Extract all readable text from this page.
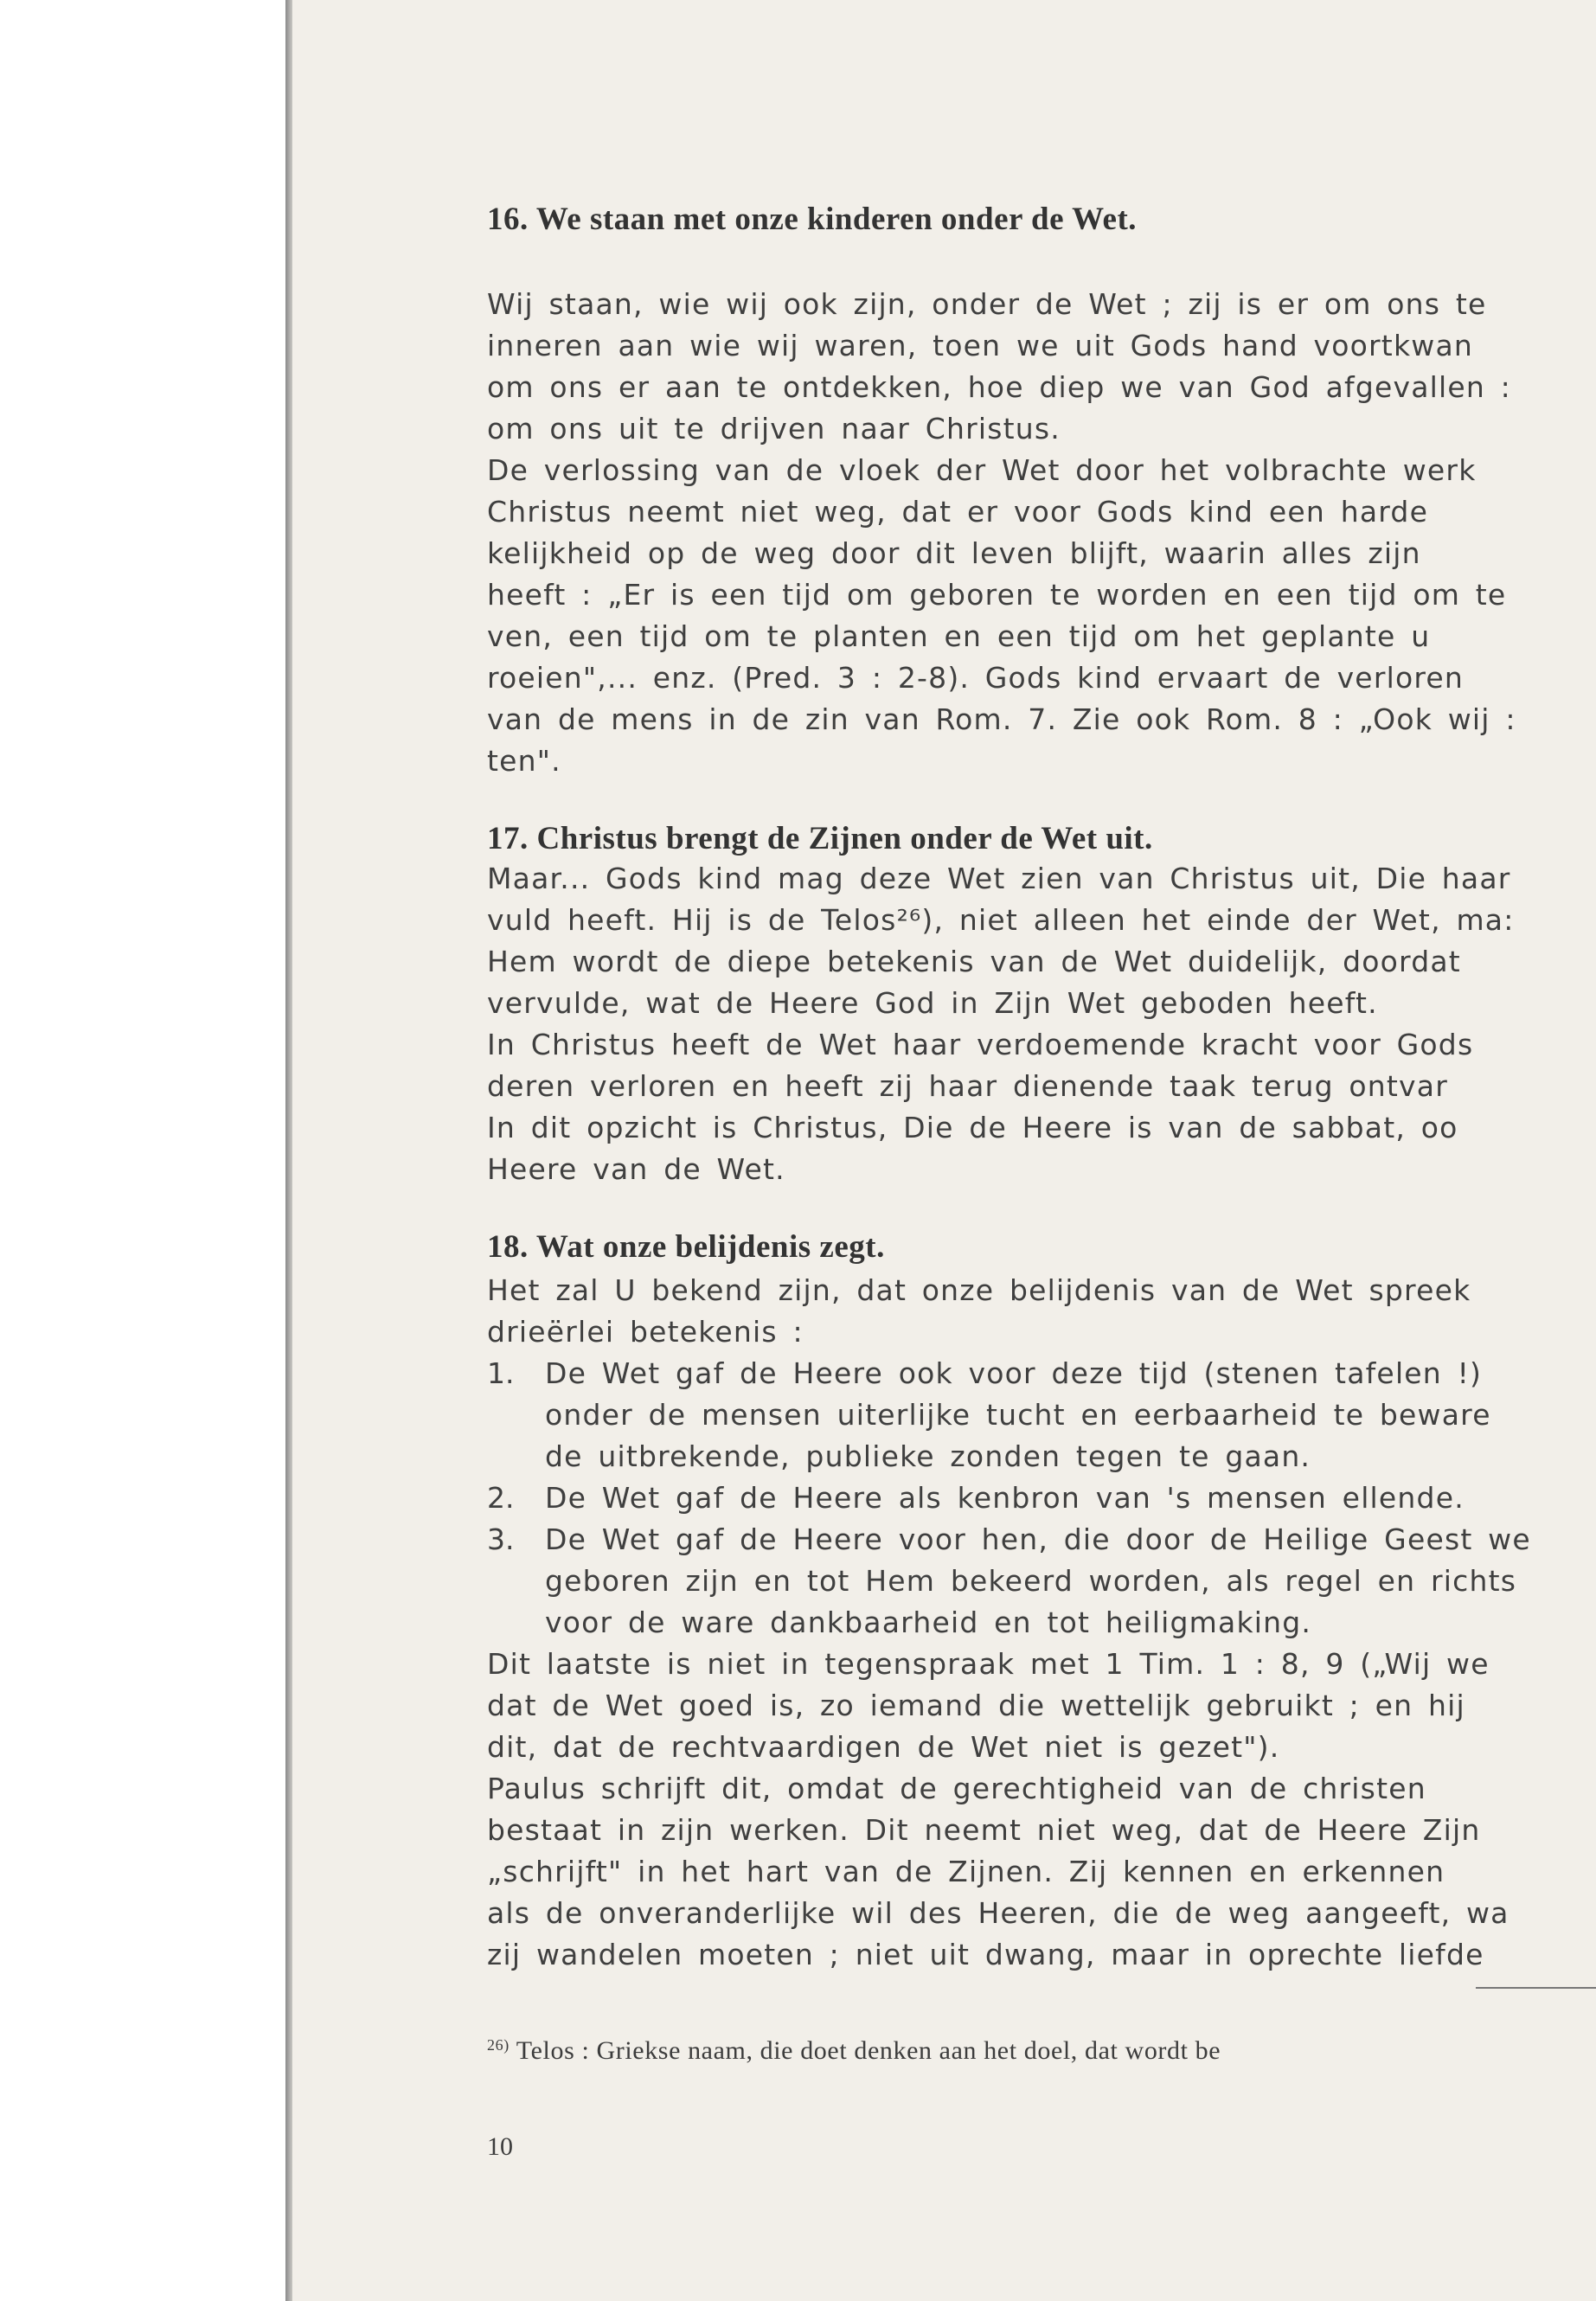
16. We staan met onze kinderen onder de Wet.
Wij staan, wie wij ook zijn, onder de Wet ; zij is er om ons te
inneren aan wie wij waren, toen we uit Gods hand voortkwan
om ons er aan te ontdekken, hoe diep we van God afgevallen :
om ons uit te drijven naar Christus.
De verlossing van de vloek der Wet door het volbrachte werk
Christus neemt niet weg, dat er voor Gods kind een harde
kelijkheid op de weg door dit leven blijft, waarin alles zijn
heeft : „Er is een tijd om geboren te worden en een tijd om te
ven, een tijd om te planten en een tijd om het geplante u
roeien",... enz. (Pred. 3 : 2-8). Gods kind ervaart de verloren
van de mens in de zin van Rom. 7. Zie ook Rom. 8 : „Ook wij :
ten".
17. Christus brengt de Zijnen onder de Wet uit.
Maar... Gods kind mag deze Wet zien van Christus uit, Die haar
vuld heeft. Hij is de Telos²⁶), niet alleen het einde der Wet, ma:
Hem wordt de diepe betekenis van de Wet duidelijk, doordat
vervulde, wat de Heere God in Zijn Wet geboden heeft.
In Christus heeft de Wet haar verdoemende kracht voor Gods
deren verloren en heeft zij haar dienende taak terug ontvar
In dit opzicht is Christus, Die de Heere is van de sabbat, oo
Heere van de Wet.
18. Wat onze belijdenis zegt.
Het zal U bekend zijn, dat onze belijdenis van de Wet spreek
drieërlei betekenis :
1. De Wet gaf de Heere ook voor deze tijd (stenen tafelen !)
onder de mensen uiterlijke tucht en eerbaarheid te beware
de uitbrekende, publieke zonden tegen te gaan.
2. De Wet gaf de Heere als kenbron van 's mensen ellende.
3. De Wet gaf de Heere voor hen, die door de Heilige Geest we
geboren zijn en tot Hem bekeerd worden, als regel en richts
voor de ware dankbaarheid en tot heiligmaking.
Dit laatste is niet in tegenspraak met 1 Tim. 1 : 8, 9 („Wij we
dat de Wet goed is, zo iemand die wettelijk gebruikt ; en hij
dit, dat de rechtvaardigen de Wet niet is gezet").
Paulus schrijft dit, omdat de gerechtigheid van de christen
bestaat in zijn werken. Dit neemt niet weg, dat de Heere Zijn
„schrijft" in het hart van de Zijnen. Zij kennen en erkennen
als de onveranderlijke wil des Heeren, die de weg aangeeft, wa
zij wandelen moeten ; niet uit dwang, maar in oprechte liefde
$^{26)}$ Telos : Griekse naam, die doet denken aan het doel, dat wordt be
10
